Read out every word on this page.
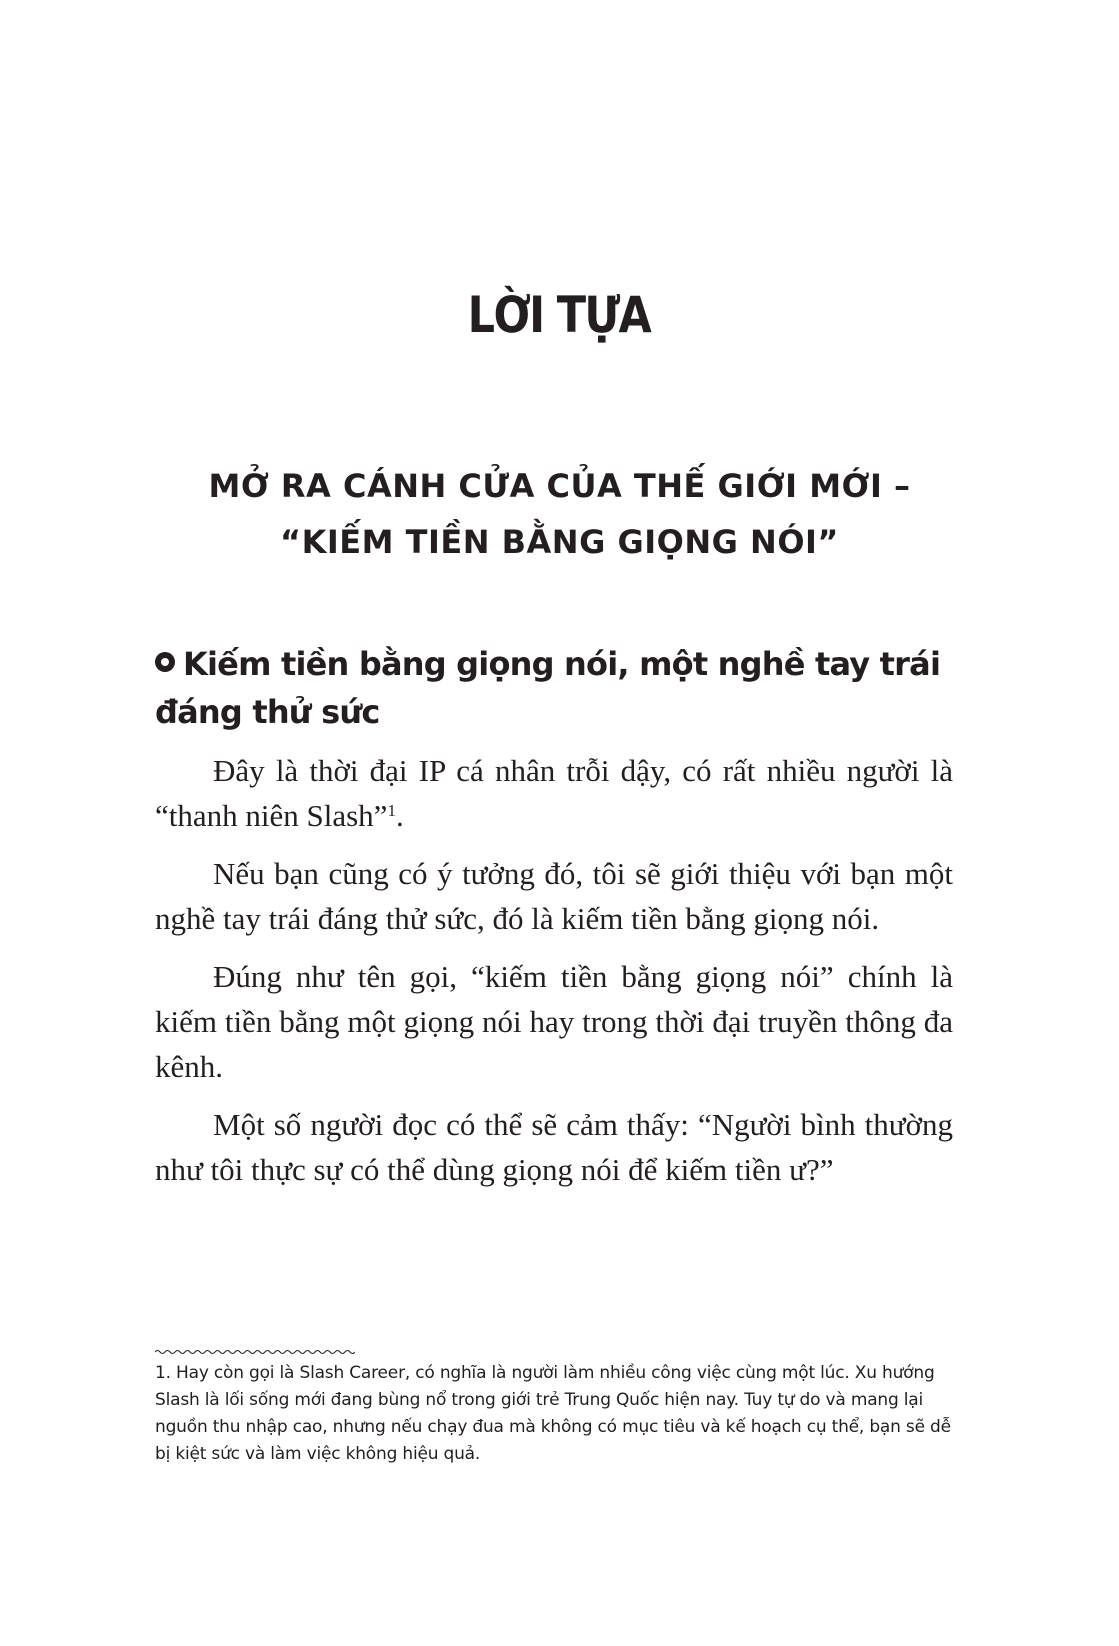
LỜI TỰA
MỞ RA CÁNH CỬA CỦA THẾ GIỚI MỚI –
“KIẾM TIỀN BẰNG GIỌNG NÓI”
Kiếm tiền bằng giọng nói, một nghề tay trái đáng thử sức

Đây là thời đại IP cá nhân trỗi dậy, có rất nhiều người là “thanh niên Slash”$^1$.

Nếu bạn cũng có ý tưởng đó, tôi sẽ giới thiệu với bạn một nghề tay trái đáng thử sức, đó là kiếm tiền bằng giọng nói.

Đúng như tên gọi, “kiếm tiền bằng giọng nói” chính là kiếm tiền bằng một giọng nói hay trong thời đại truyền thông đa kênh.

Một số người đọc có thể sẽ cảm thấy: “Người bình thường như tôi thực sự có thể dùng giọng nói để kiếm tiền ư?”

1. Hay còn gọi là Slash Career, có nghĩa là người làm nhiều công việc cùng một lúc. Xu hướng Slash là lối sống mới đang bùng nổ trong giới trẻ Trung Quốc hiện nay. Tuy tự do và mang lại nguồn thu nhập cao, nhưng nếu chạy đua mà không có mục tiêu và kế hoạch cụ thể, bạn sẽ dễ bị kiệt sức và làm việc không hiệu quả.
